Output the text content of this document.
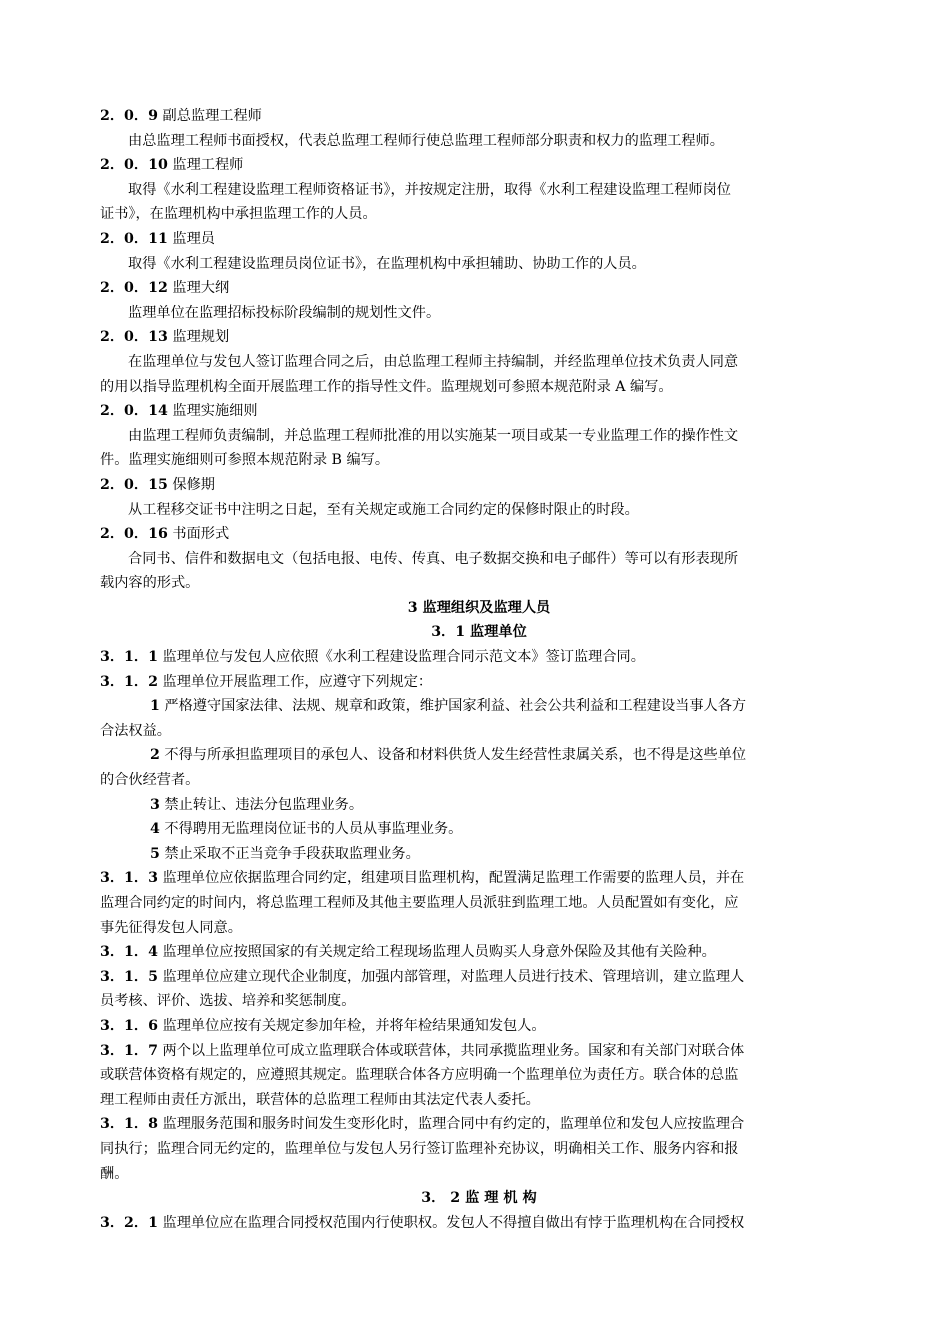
2．0．9 副总监理工程师
由总监理工程师书面授权，代表总监理工程师行使总监理工程师部分职责和权力的监理工程师。
2．0．10 监理工程师
取得《水利工程建设监理工程师资格证书》，并按规定注册，取得《水利工程建设监理工程师岗位
证书》，在监理机构中承担监理工作的人员。
2．0．11 监理员
取得《水利工程建设监理员岗位证书》，在监理机构中承担辅助、协助工作的人员。
2．0．12 监理大纲
监理单位在监理招标投标阶段编制的规划性文件。
2．0．13 监理规划
在监理单位与发包人签订监理合同之后，由总监理工程师主持编制，并经监理单位技术负责人同意
的用以指导监理机构全面开展监理工作的指导性文件。监理规划可参照本规范附录 A 编写。
2．0．14 监理实施细则
由监理工程师负责编制，并总监理工程师批准的用以实施某一项目或某一专业监理工作的操作性文
件。监理实施细则可参照本规范附录 B 编写。
2．0．15 保修期
从工程移交证书中注明之日起，至有关规定或施工合同约定的保修时限止的时段。
2．0．16 书面形式
合同书、信件和数据电文（包括电报、电传、传真、电子数据交换和电子邮件）等可以有形表现所
载内容的形式。
3 监理组织及监理人员
3．1 监理单位
3．1．1 监理单位与发包人应依照《水利工程建设监理合同示范文本》签订监理合同。
3．1．2 监理单位开展监理工作，应遵守下列规定：
1 严格遵守国家法律、法规、规章和政策，维护国家利益、社会公共利益和工程建设当事人各方
合法权益。
2 不得与所承担监理项目的承包人、设备和材料供货人发生经营性隶属关系，也不得是这些单位
的合伙经营者。
3 禁止转让、违法分包监理业务。
4 不得聘用无监理岗位证书的人员从事监理业务。
5 禁止采取不正当竞争手段获取监理业务。
3．1．3 监理单位应依据监理合同约定，组建项目监理机构，配置满足监理工作需要的监理人员，并在
监理合同约定的时间内，将总监理工程师及其他主要监理人员派驻到监理工地。人员配置如有变化，应
事先征得发包人同意。
3．1．4 监理单位应按照国家的有关规定给工程现场监理人员购买人身意外保险及其他有关险种。
3．1．5 监理单位应建立现代企业制度，加强内部管理，对监理人员进行技术、管理培训，建立监理人
员考核、评价、选拔、培养和奖惩制度。
3．1．6 监理单位应按有关规定参加年检，并将年检结果通知发包人。
3．1．7 两个以上监理单位可成立监理联合体或联营体，共同承揽监理业务。国家和有关部门对联合体
或联营体资格有规定的，应遵照其规定。监理联合体各方应明确一个监理单位为责任方。联合体的总监
理工程师由责任方派出，联营体的总监理工程师由其法定代表人委托。
3．1．8 监理服务范围和服务时间发生变形化时，监理合同中有约定的，监理单位和发包人应按监理合
同执行；监理合同无约定的，监理单位与发包人另行签订监理补充协议，明确相关工作、服务内容和报
酬。
3． 2 监 理 机 构
3．2．1 监理单位应在监理合同授权范围内行使职权。发包人不得擅自做出有悖于监理机构在合同授权
